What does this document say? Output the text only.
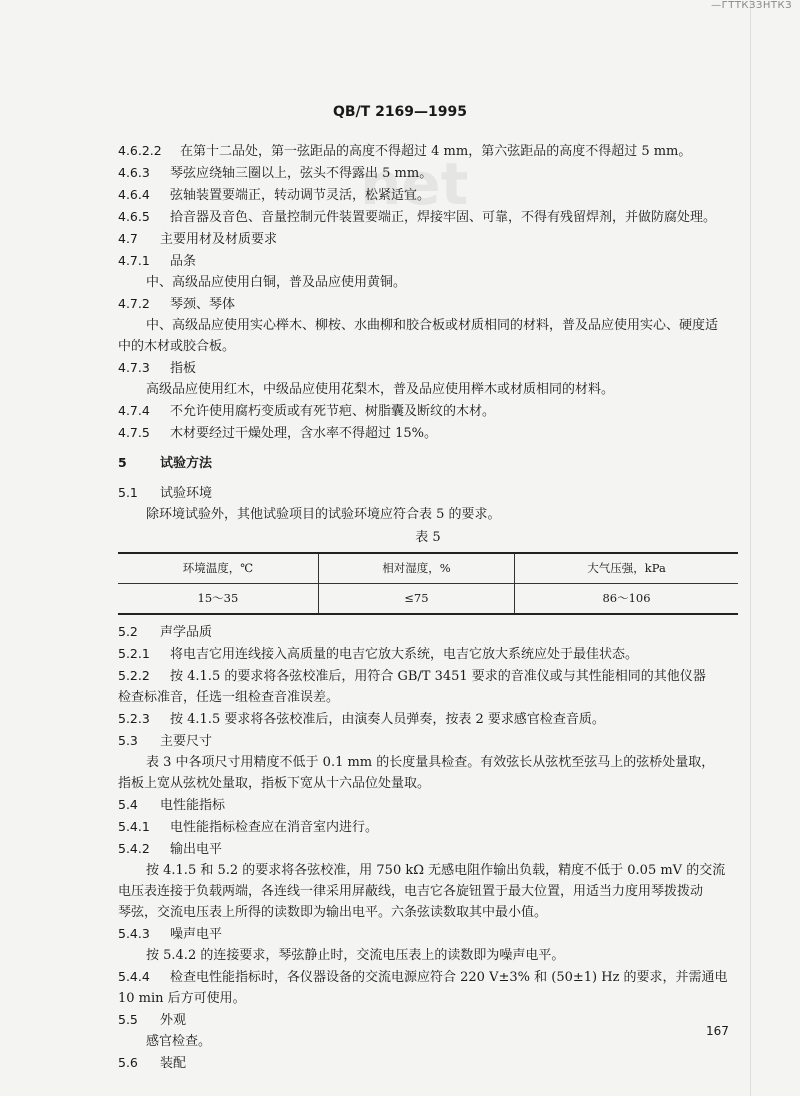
—ГТТКЗЗНТКЗ
net
QB/T 2169—1995
4.6.2.2 在第十二品处，第一弦距品的高度不得超过 4 mm，第六弦距品的高度不得超过 5 mm。
4.6.3 琴弦应绕轴三圈以上，弦头不得露出 5 mm。
4.6.4 弦轴装置要端正，转动调节灵活，松紧适宜。
4.6.5 拾音器及音色、音量控制元件装置要端正，焊接牢固、可靠，不得有残留焊剂，并做防腐处理。
4.7 主要用材及材质要求
4.7.1 品条
中、高级品应使用白铜，普及品应使用黄铜。
4.7.2 琴颈、琴体
中、高级品应使用实心榉木、柳桉、水曲柳和胶合板或材质相同的材料，普及品应使用实心、硬度适
中的木材或胶合板。
4.7.3 指板
高级品应使用红木，中级品应使用花梨木，普及品应使用榉木或材质相同的材料。
4.7.4 不允许使用腐朽变质或有死节疤、树脂囊及断纹的木材。
4.7.5 木材要经过干燥处理，含水率不得超过 15%。
5	试验方法
5.1 试验环境
除环境试验外，其他试验项目的试验环境应符合表 5 的要求。
表 5
环境温度，℃	相对湿度，%	大气压强，kPa
15～35	≤75	86～106
5.2 声学品质
5.2.1 将电吉它用连线接入高质量的电吉它放大系统，电吉它放大系统应处于最佳状态。
5.2.2 按 4.1.5 的要求将各弦校准后，用符合 GB/T 3451 要求的音准仪或与其性能相同的其他仪器
检查标准音，任选一组检查音准误差。
5.2.3 按 4.1.5 要求将各弦校准后，由演奏人员弹奏，按表 2 要求感官检查音质。
5.3 主要尺寸
表 3 中各项尺寸用精度不低于 0.1 mm 的长度量具检查。有效弦长从弦枕至弦马上的弦桥处量取，
指板上宽从弦枕处量取，指板下宽从十六品位处量取。
5.4 电性能指标
5.4.1 电性能指标检查应在消音室内进行。
5.4.2 输出电平
按 4.1.5 和 5.2 的要求将各弦校准，用 750 kΩ 无感电阻作输出负载，精度不低于 0.05 mV 的交流
电压表连接于负载两端，各连线一律采用屏蔽线，电吉它各旋钮置于最大位置，用适当力度用琴拨拨动
琴弦，交流电压表上所得的读数即为输出电平。六条弦读数取其中最小值。
5.4.3 噪声电平
按 5.4.2 的连接要求，琴弦静止时，交流电压表上的读数即为噪声电平。
5.4.4 检查电性能指标时，各仪器设备的交流电源应符合 220 V±3% 和 (50±1) Hz 的要求，并需通电
10 min 后方可使用。
5.5 外观
感官检查。
5.6 装配
167
